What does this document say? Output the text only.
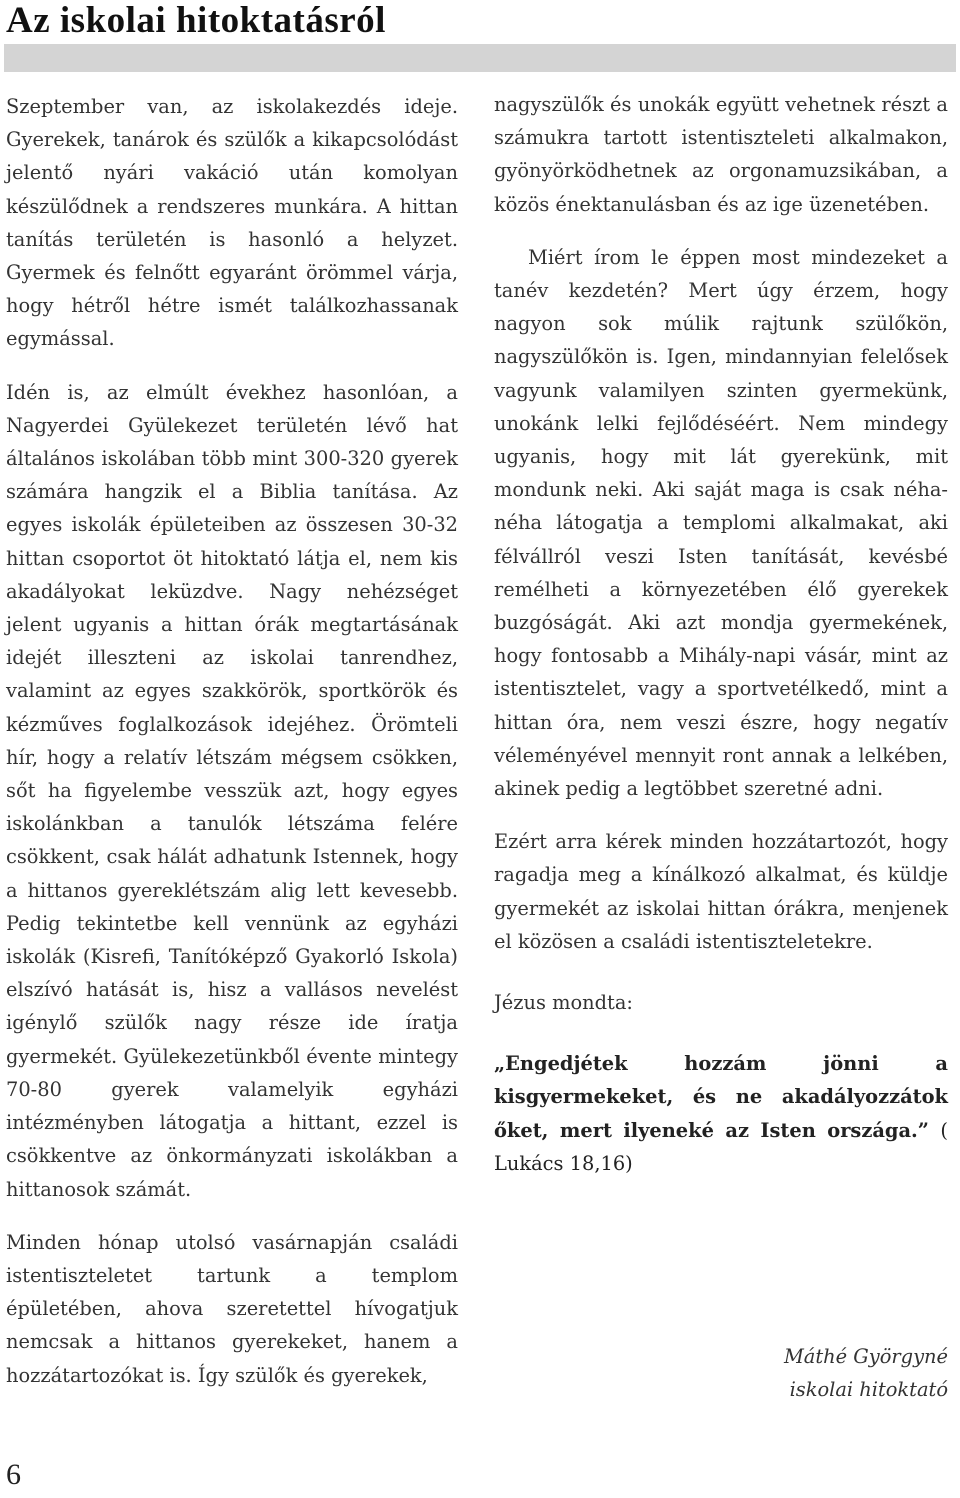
Az iskolai hitoktatásról

Szeptember van, az iskolakezdés ideje. Gyerekek, tanárok és szülők a kikapcsolódást jelentő nyári vakáció után komolyan készülődnek a rendszeres munkára. A hittan tanítás területén is hasonló a helyzet. Gyermek és felnőtt egyaránt örömmel várja, hogy hétről hétre ismét találkozhassanak egymással.

Idén is, az elmúlt évekhez hasonlóan, a Nagyerdei Gyülekezet területén lévő hat általános iskolában több mint 300-320 gyerek számára hangzik el a Biblia tanítása. Az egyes iskolák épületeiben az összesen 30-32 hittan csoportot öt hitoktató látja el, nem kis akadályokat leküzdve. Nagy nehézséget jelent ugyanis a hittan órák megtartásának idejét illeszteni az iskolai tanrendhez, valamint az egyes szakkörök, sportkörök és kézműves foglalkozások idejéhez. Örömteli hír, hogy a relatív létszám mégsem csökken, sőt ha figyelembe vesszük azt, hogy egyes iskolánkban a tanulók létszáma felére csökkent, csak hálát adhatunk Istennek, hogy a hittanos gyereklétszám alig lett kevesebb. Pedig tekintetbe kell vennünk az egyházi iskolák (Kisrefi, Tanítóképző Gyakorló Iskola) elszívó hatását is, hisz a vallásos nevelést igénylő szülők nagy része ide íratja gyermekét. Gyülekezetünkből évente mintegy 70-80 gyerek valamelyik egyházi intézményben látogatja a hittant, ezzel is csökkentve az önkormányzati iskolákban a hittanosok számát.

Minden hónap utolsó vasárnapján családi istentiszteletet tartunk a templom épületében, ahova szeretettel hívogatjuk nemcsak a hittanos gyerekeket, hanem a hozzátartozókat is. Így szülők és gyerekek,

nagyszülők és unokák együtt vehetnek részt a számukra tartott istentiszteleti alkalmakon, gyönyörködhetnek az orgonamuzsikában, a közös énektanulásban és az ige üzenetében.

Miért írom le éppen most mindezeket a tanév kezdetén? Mert úgy érzem, hogy nagyon sok múlik rajtunk szülőkön, nagyszülőkön is. Igen, mindannyian felelősek vagyunk valamilyen szinten gyermekünk, unokánk lelki fejlődéséért. Nem mindegy ugyanis, hogy mit lát gyerekünk, mit mondunk neki. Aki saját maga is csak néha-néha látogatja a templomi alkalmakat, aki félvállról veszi Isten tanítását, kevésbé remélheti a környezetében élő gyerekek buzgóságát. Aki azt mondja gyermekének, hogy fontosabb a Mihály-napi vásár, mint az istentisztelet, vagy a sportvetélkedő, mint a hittan óra, nem veszi észre, hogy negatív véleményével mennyit ront annak a lelkében, akinek pedig a legtöbbet szeretné adni.

Ezért arra kérek minden hozzátartozót, hogy ragadja meg a kínálkozó alkalmat, és küldje gyermekét az iskolai hittan órákra, menjenek el közösen a családi istentiszteletekre.

Jézus mondta:

„Engedjétek hozzám jönni a kisgyermekeket, és ne akadályozzátok őket, mert ilyeneké az Isten országa.” ( Lukács 18,16)

Máthé Györgyné
iskolai hitoktató
6
